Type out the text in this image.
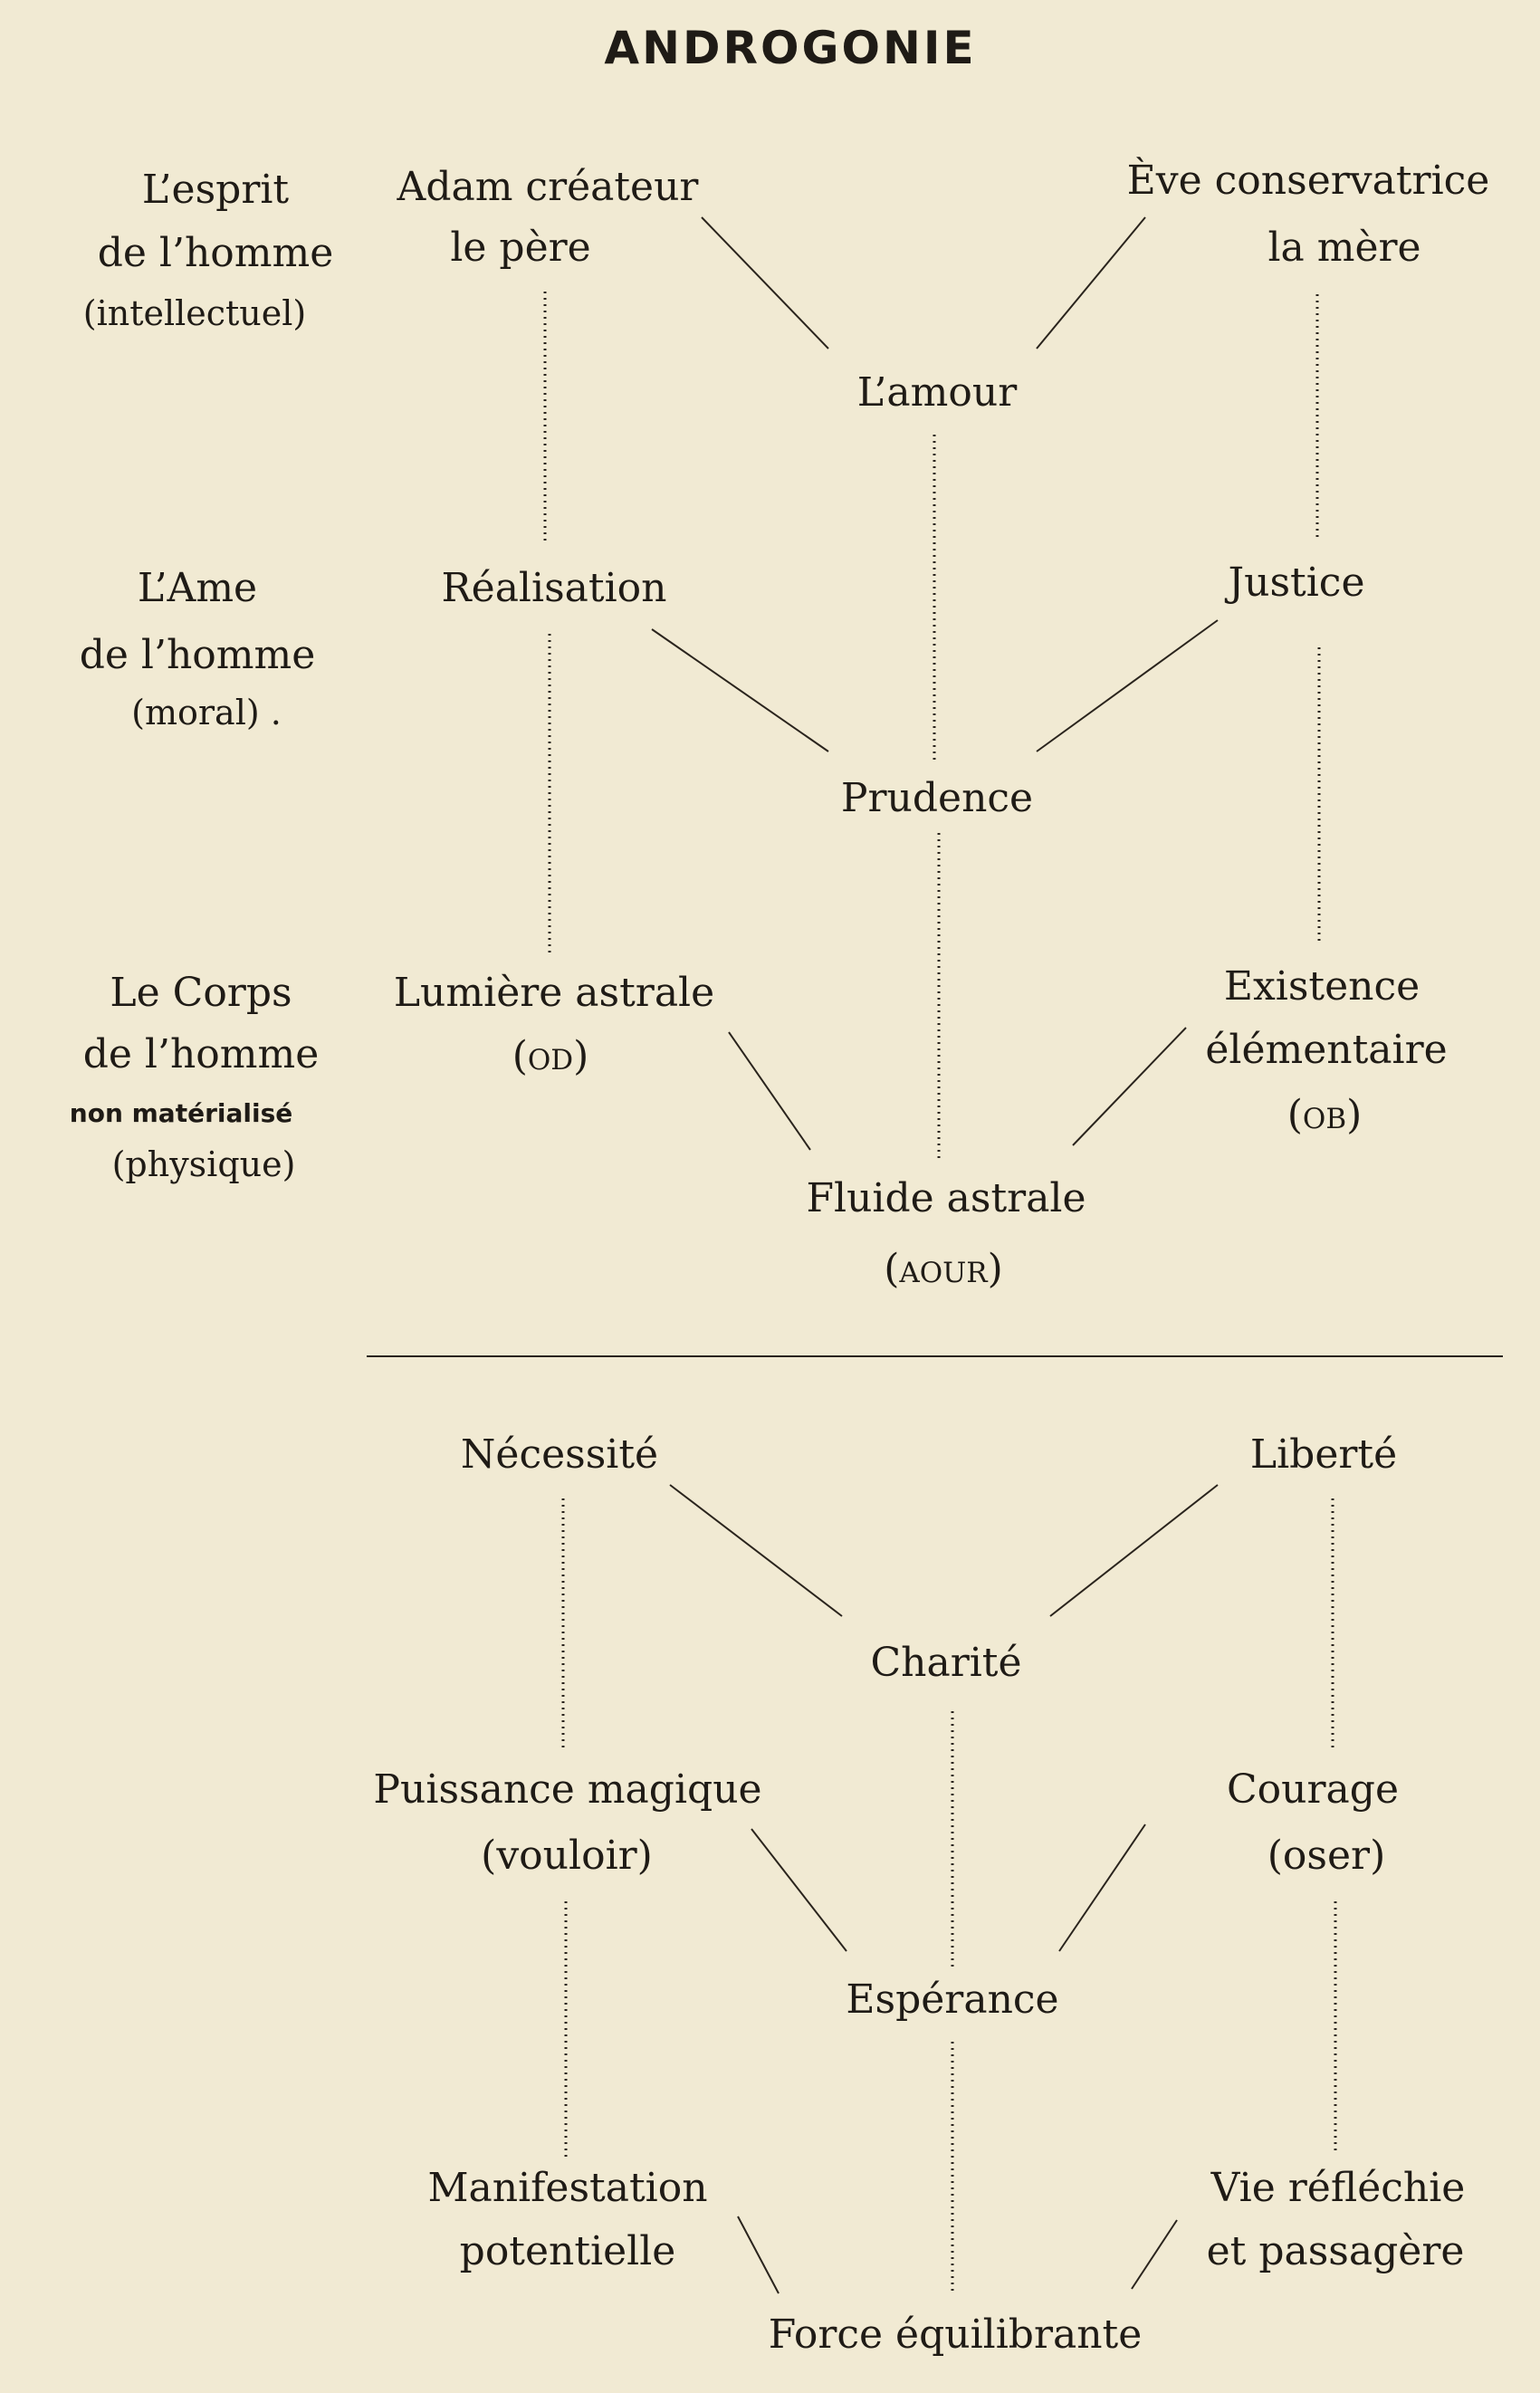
ANDROGONIE
L’esprit
de l’homme
(intellectuel)
L’Ame
de l’homme
(moral) .
Le Corps
de l’homme
non matérialisé
(physique)
Adam créateur
le père
Ève conservatrice
la mère
L’amour
Réalisation	Justice
Prudence
Lumière astrale
(od)
Existence
élémentaire
(ob)
Fluide astrale
(aour)
Nécessité	Liberté
Charité
Puissance magique
(vouloir)
Courage
(oser)
Espérance
Manifestation
potentielle
Vie réfléchie
et passagère
Force équilibrante
